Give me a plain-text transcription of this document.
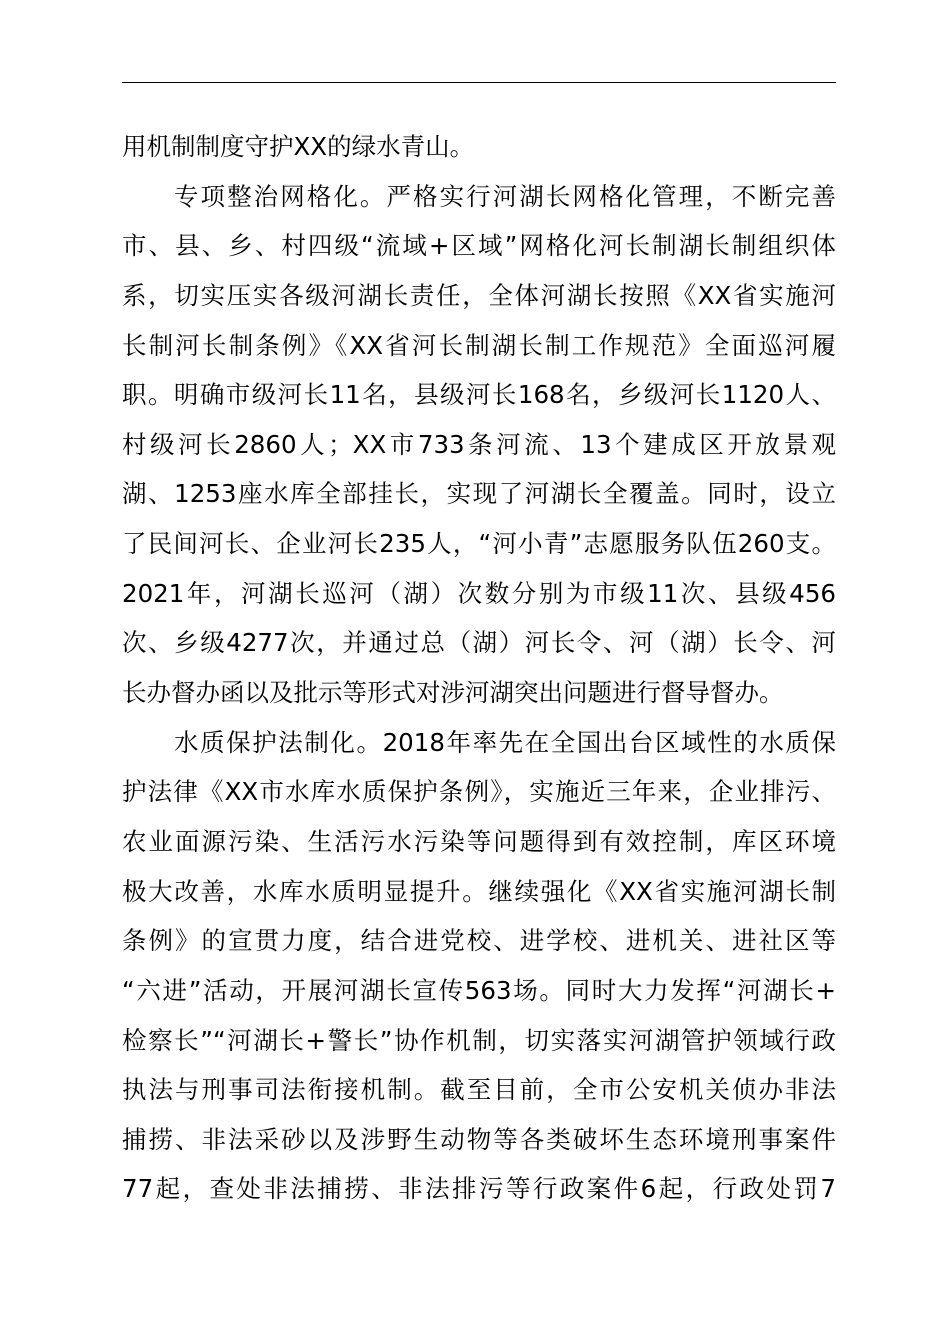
用机制制度守护XX的绿水青山。
专项整治网格化。严格实行河湖长网格化管理，不断完善
市、县、乡、村四级“流域+区域”网格化河长制湖长制组织体
系，切实压实各级河湖长责任，全体河湖长按照《XX省实施河
长制河长制条例》《XX省河长制湖长制工作规范》全面巡河履
职。明确市级河长11名，县级河长168名，乡级河长1120人、
村级河长2860人；XX市733条河流、13个建成区开放景观
湖、1253座水库全部挂长，实现了河湖长全覆盖。同时，设立
了民间河长、企业河长235人，“河小青”志愿服务队伍260支。
2021年，河湖长巡河（湖）次数分别为市级11次、县级456
次、乡级4277次，并通过总（湖）河长令、河（湖）长令、河
长办督办函以及批示等形式对涉河湖突出问题进行督导督办。
水质保护法制化。2018年率先在全国出台区域性的水质保
护法律《XX市水库水质保护条例》，实施近三年来，企业排污、
农业面源污染、生活污水污染等问题得到有效控制，库区环境
极大改善，水库水质明显提升。继续强化《XX省实施河湖长制
条例》的宣贯力度，结合进党校、进学校、进机关、进社区等
“六进”活动，开展河湖长宣传563场。同时大力发挥“河湖长+
检察长”“河湖长+警长”协作机制，切实落实河湖管护领域行政
执法与刑事司法衔接机制。截至目前，全市公安机关侦办非法
捕捞、非法采砂以及涉野生动物等各类破坏生态环境刑事案件
77起，查处非法捕捞、非法排污等行政案件6起，行政处罚7
